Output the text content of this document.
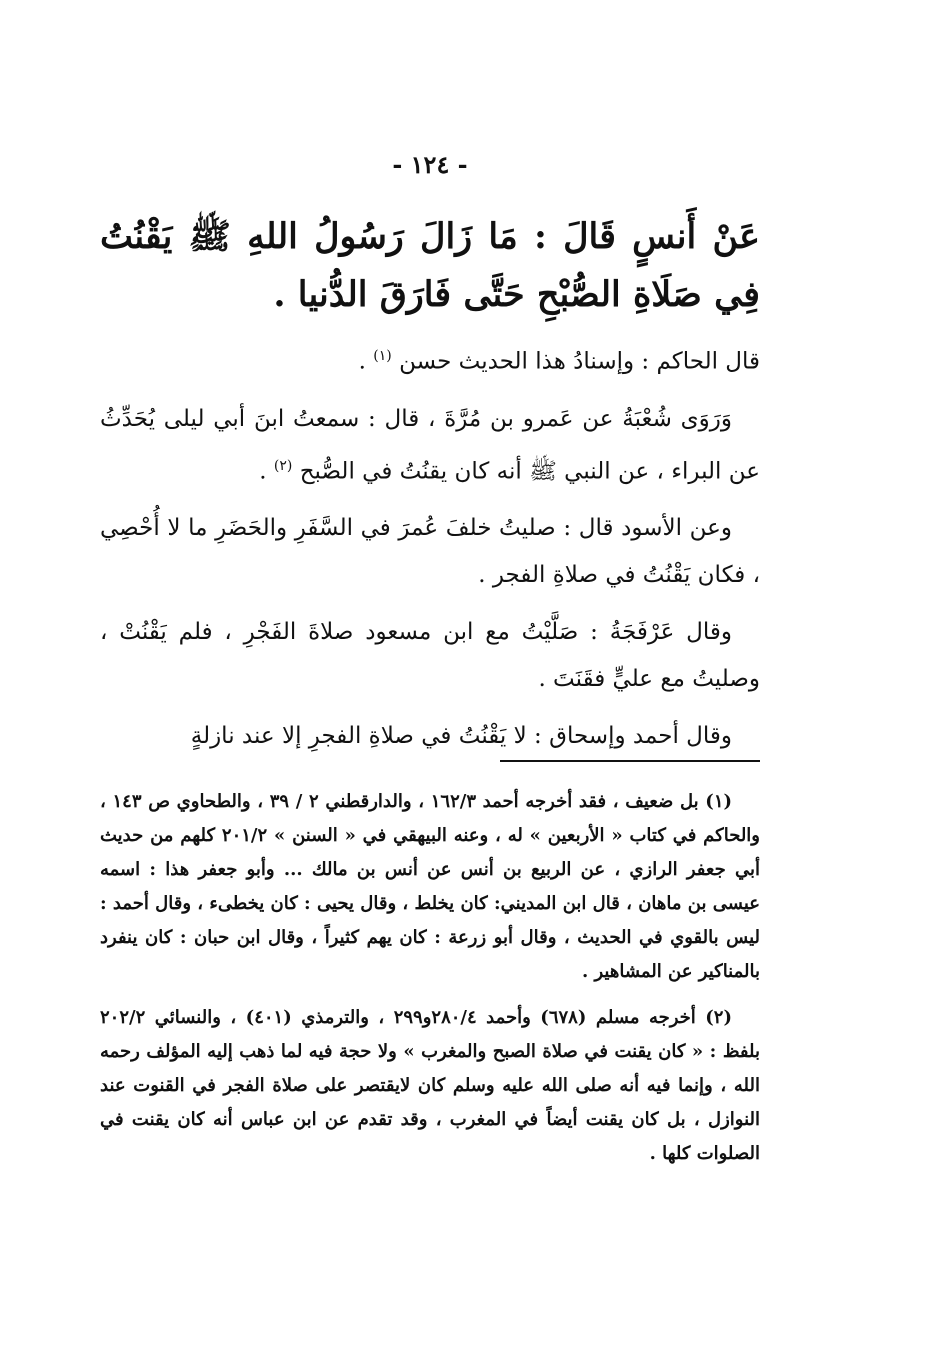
- ١٢٤ -
عَنْ أَنسٍ قَالَ : مَا زَالَ رَسُولُ اللهِ ﷺ يَقْنُتُ فِي صَلَاةِ الصُّبْحِ حَتَّى فَارَقَ الدُّنيا .

قال الحاكم : وإسنادُ هذا الحديث حسن $^{(١)}$ .

وَرَوَى شُعْبَةُ عن عَمرو بن مُرَّةَ ، قال : سمعتُ ابنَ أبي ليلى يُحَدِّثُ عن البراء ، عن النبي ﷺ أنه كان يقنُتُ في الصُّبح $^{(٢)}$ .

وعن الأسود قال : صليتُ خلفَ عُمرَ في السَّفَرِ والحَضَرِ ما لا أُحْصِي ، فكان يَقْنُتُ في صلاةِ الفجر .

وقال عَرْفَجَةُ : صَلَّيْتُ مع ابن مسعود صلاةَ الفَجْرِ ، فلم يَقْنُتْ ، وصليتُ مع عليٍّ فقَنَتَ .

وقال أحمد وإسحاق : لا يَقْنُتُ في صلاةِ الفجرِ إلا عند نازلةٍ

(١) بل ضعيف ، فقد أخرجه أحمد ١٦٢/٣ ، والدارقطني ٢ / ٣٩ ، والطحاوي ص ١٤٣ ، والحاكم في كتاب « الأربعين » له ، وعنه البيهقي في « السنن » ٢٠١/٢ كلهم من حديث أبي جعفر الرازي ، عن الربيع بن أنس عن أنس بن مالك ... وأبو جعفر هذا : اسمه عيسى بن ماهان ، قال ابن المديني: كان يخلط ، وقال يحيى : كان يخطىء ، وقال أحمد : ليس بالقوي في الحديث ، وقال أبو زرعة : كان يهم كثيراً ، وقال ابن حبان : كان ينفرد بالمناكير عن المشاهير .

(٢) أخرجه مسلم (٦٧٨) وأحمد ٢٨٠/٤و٢٩٩ ، والترمذي (٤٠١) ، والنسائي ٢٠٢/٢ بلفظ : « كان يقنت في صلاة الصبح والمغرب » ولا حجة فيه لما ذهب إليه المؤلف رحمه الله ، وإنما فيه أنه صلى الله عليه وسلم كان لايقتصر على صلاة الفجر في القنوت عند النوازل ، بل كان يقنت أيضاً في المغرب ، وقد تقدم عن ابن عباس أنه كان يقنت في الصلوات كلها .
